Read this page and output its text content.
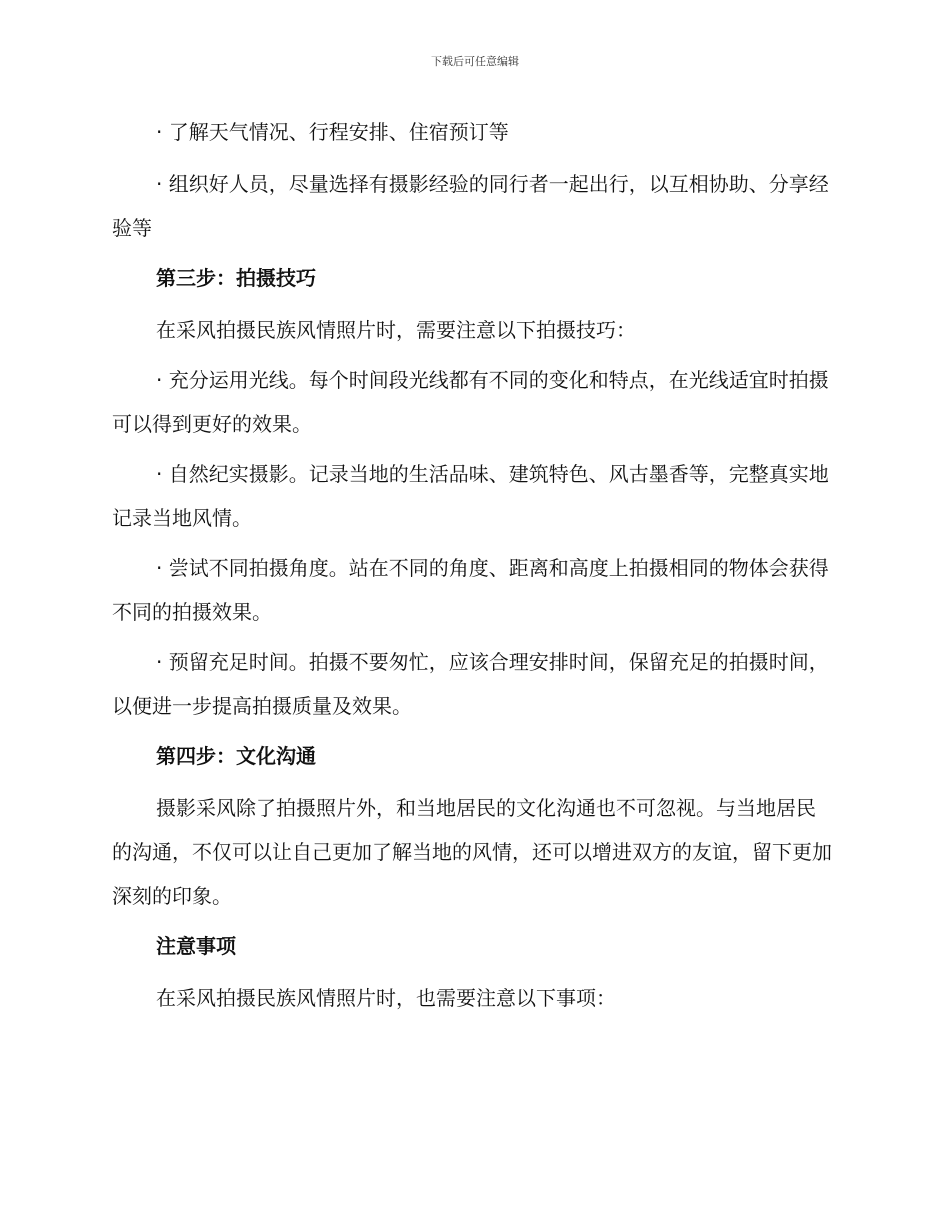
下载后可任意编辑

· 了解天气情况、行程安排、住宿预订等

· 组织好人员，尽量选择有摄影经验的同行者一起出行，以互相协助、分享经验等

第三步：拍摄技巧

在采风拍摄民族风情照片时，需要注意以下拍摄技巧：

· 充分运用光线。每个时间段光线都有不同的变化和特点，在光线适宜时拍摄可以得到更好的效果。

· 自然纪实摄影。记录当地的生活品味、建筑特色、风古墨香等，完整真实地记录当地风情。

· 尝试不同拍摄角度。站在不同的角度、距离和高度上拍摄相同的物体会获得不同的拍摄效果。

· 预留充足时间。拍摄不要匆忙，应该合理安排时间，保留充足的拍摄时间，以便进一步提高拍摄质量及效果。

第四步：文化沟通

摄影采风除了拍摄照片外，和当地居民的文化沟通也不可忽视。与当地居民的沟通，不仅可以让自己更加了解当地的风情，还可以增进双方的友谊，留下更加深刻的印象。

注意事项

在采风拍摄民族风情照片时，也需要注意以下事项：
